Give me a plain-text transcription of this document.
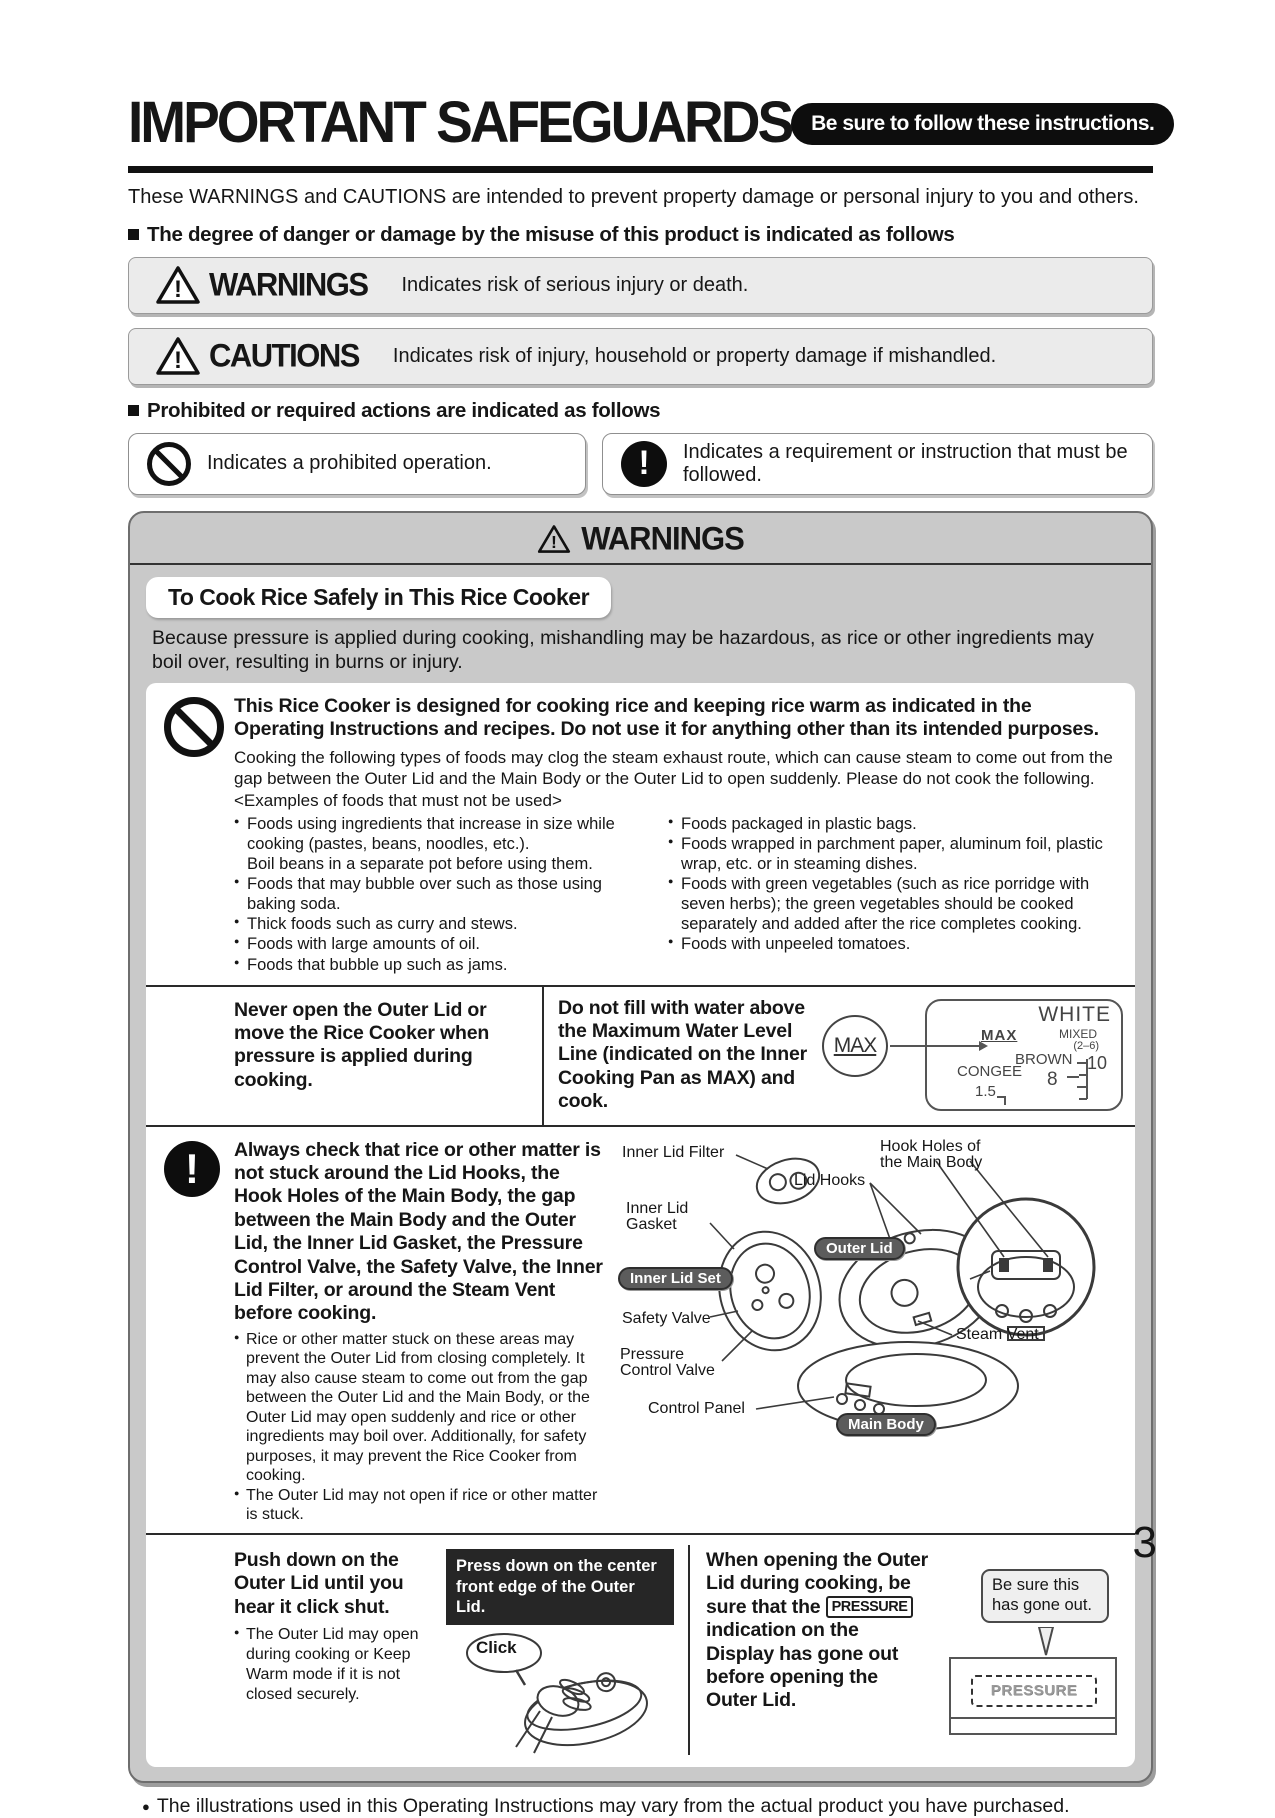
IMPORTANT SAFEGUARDS Be sure to follow these instructions.

These WARNINGS and CAUTIONS are intended to prevent property damage or personal injury to you and others.

The degree of danger or damage by the misuse of this product is indicated as follows
! WARNINGS Indicates risk of serious injury or death.
! CAUTIONS Indicates risk of injury, household or property damage if mishandled.
Prohibited or required actions are indicated as follows
Indicates a prohibited operation.	!	Indicates a requirement or instruction that must be followed.
! WARNINGS
To Cook Rice Safely in This Rice Cooker

Because pressure is applied during cooking, mishandling may be hazardous, as rice or other ingredients may boil over, resulting in burns or injury.

This Rice Cooker is designed for cooking rice and keeping rice warm as indicated in the Operating Instructions and recipes. Do not use it for anything other than its intended purposes.

Cooking the following types of foods may clog the steam exhaust route, which can cause steam to come out from the gap between the Outer Lid and the Main Body or the Outer Lid to open suddenly. Please do not cook the following.

<Examples of foods that must not be used>

● Foods using ingredients that increase in size while cooking (pastes, beans, noodles, etc.).
Boil beans in a separate pot before using them.
● Foods that may bubble over such as those using baking soda.
● Thick foods such as curry and stews.
● Foods with large amounts of oil.
● Foods that bubble up such as jams.
● Foods packaged in plastic bags.
● Foods wrapped in parchment paper, aluminum foil, plastic wrap, etc. or in steaming dishes.
● Foods with green vegetables (such as rice porridge with seven herbs); the green vegetables should be cooked separately and added after the rice completes cooking.
● Foods with unpeeled tomatoes.

Never open the Outer Lid or move the Rice Cooker when pressure is applied during cooking.

Do not fill with water above the Maximum Water Level Line (indicated on the Inner Cooking Pan as MAX) and cook.

MAX
WHITE
MAX	MIXED
(2–6)
BROWN
CONGEE	10
8
1.5
!	Always check that rice or other matter is not stuck around the Lid Hooks, the Hook Holes of the Main Body, the gap between the Main Body and the Outer Lid, the Inner Lid Gasket, the Pressure Control Valve, the Safety Valve, the Inner Lid Filter, or around the Steam Vent before cooking.

● Rice or other matter stuck on these areas may prevent the Outer Lid from closing completely. It may also cause steam to come out from the gap between the Outer Lid and the Main Body, or the Outer Lid may open suddenly and rice or other ingredients may boil over. Additionally, for safety purposes, it may prevent the Rice Cooker from cooking.
● The Outer Lid may not open if rice or other matter is stuck.
Inner Lid Filter
Inner Lid Gasket
Inner Lid Set
Safety Valve
Pressure Control Valve
Control Panel
Lid Hooks
Outer Lid
Hook Holes of the Main Body
Steam Vent
Main Body

Push down on the Outer Lid until you hear it click shut.

● The Outer Lid may open during cooking or Keep Warm mode if it is not closed securely.
Press down on the center front edge of the Outer Lid.
Click

When opening the Outer Lid during cooking, be sure that the PRESSURE indication on the Display has gone out before opening the Outer Lid.

Be sure this has gone out.
PRESSURE
● The illustrations used in this Operating Instructions may vary from the actual product you have purchased.
3
